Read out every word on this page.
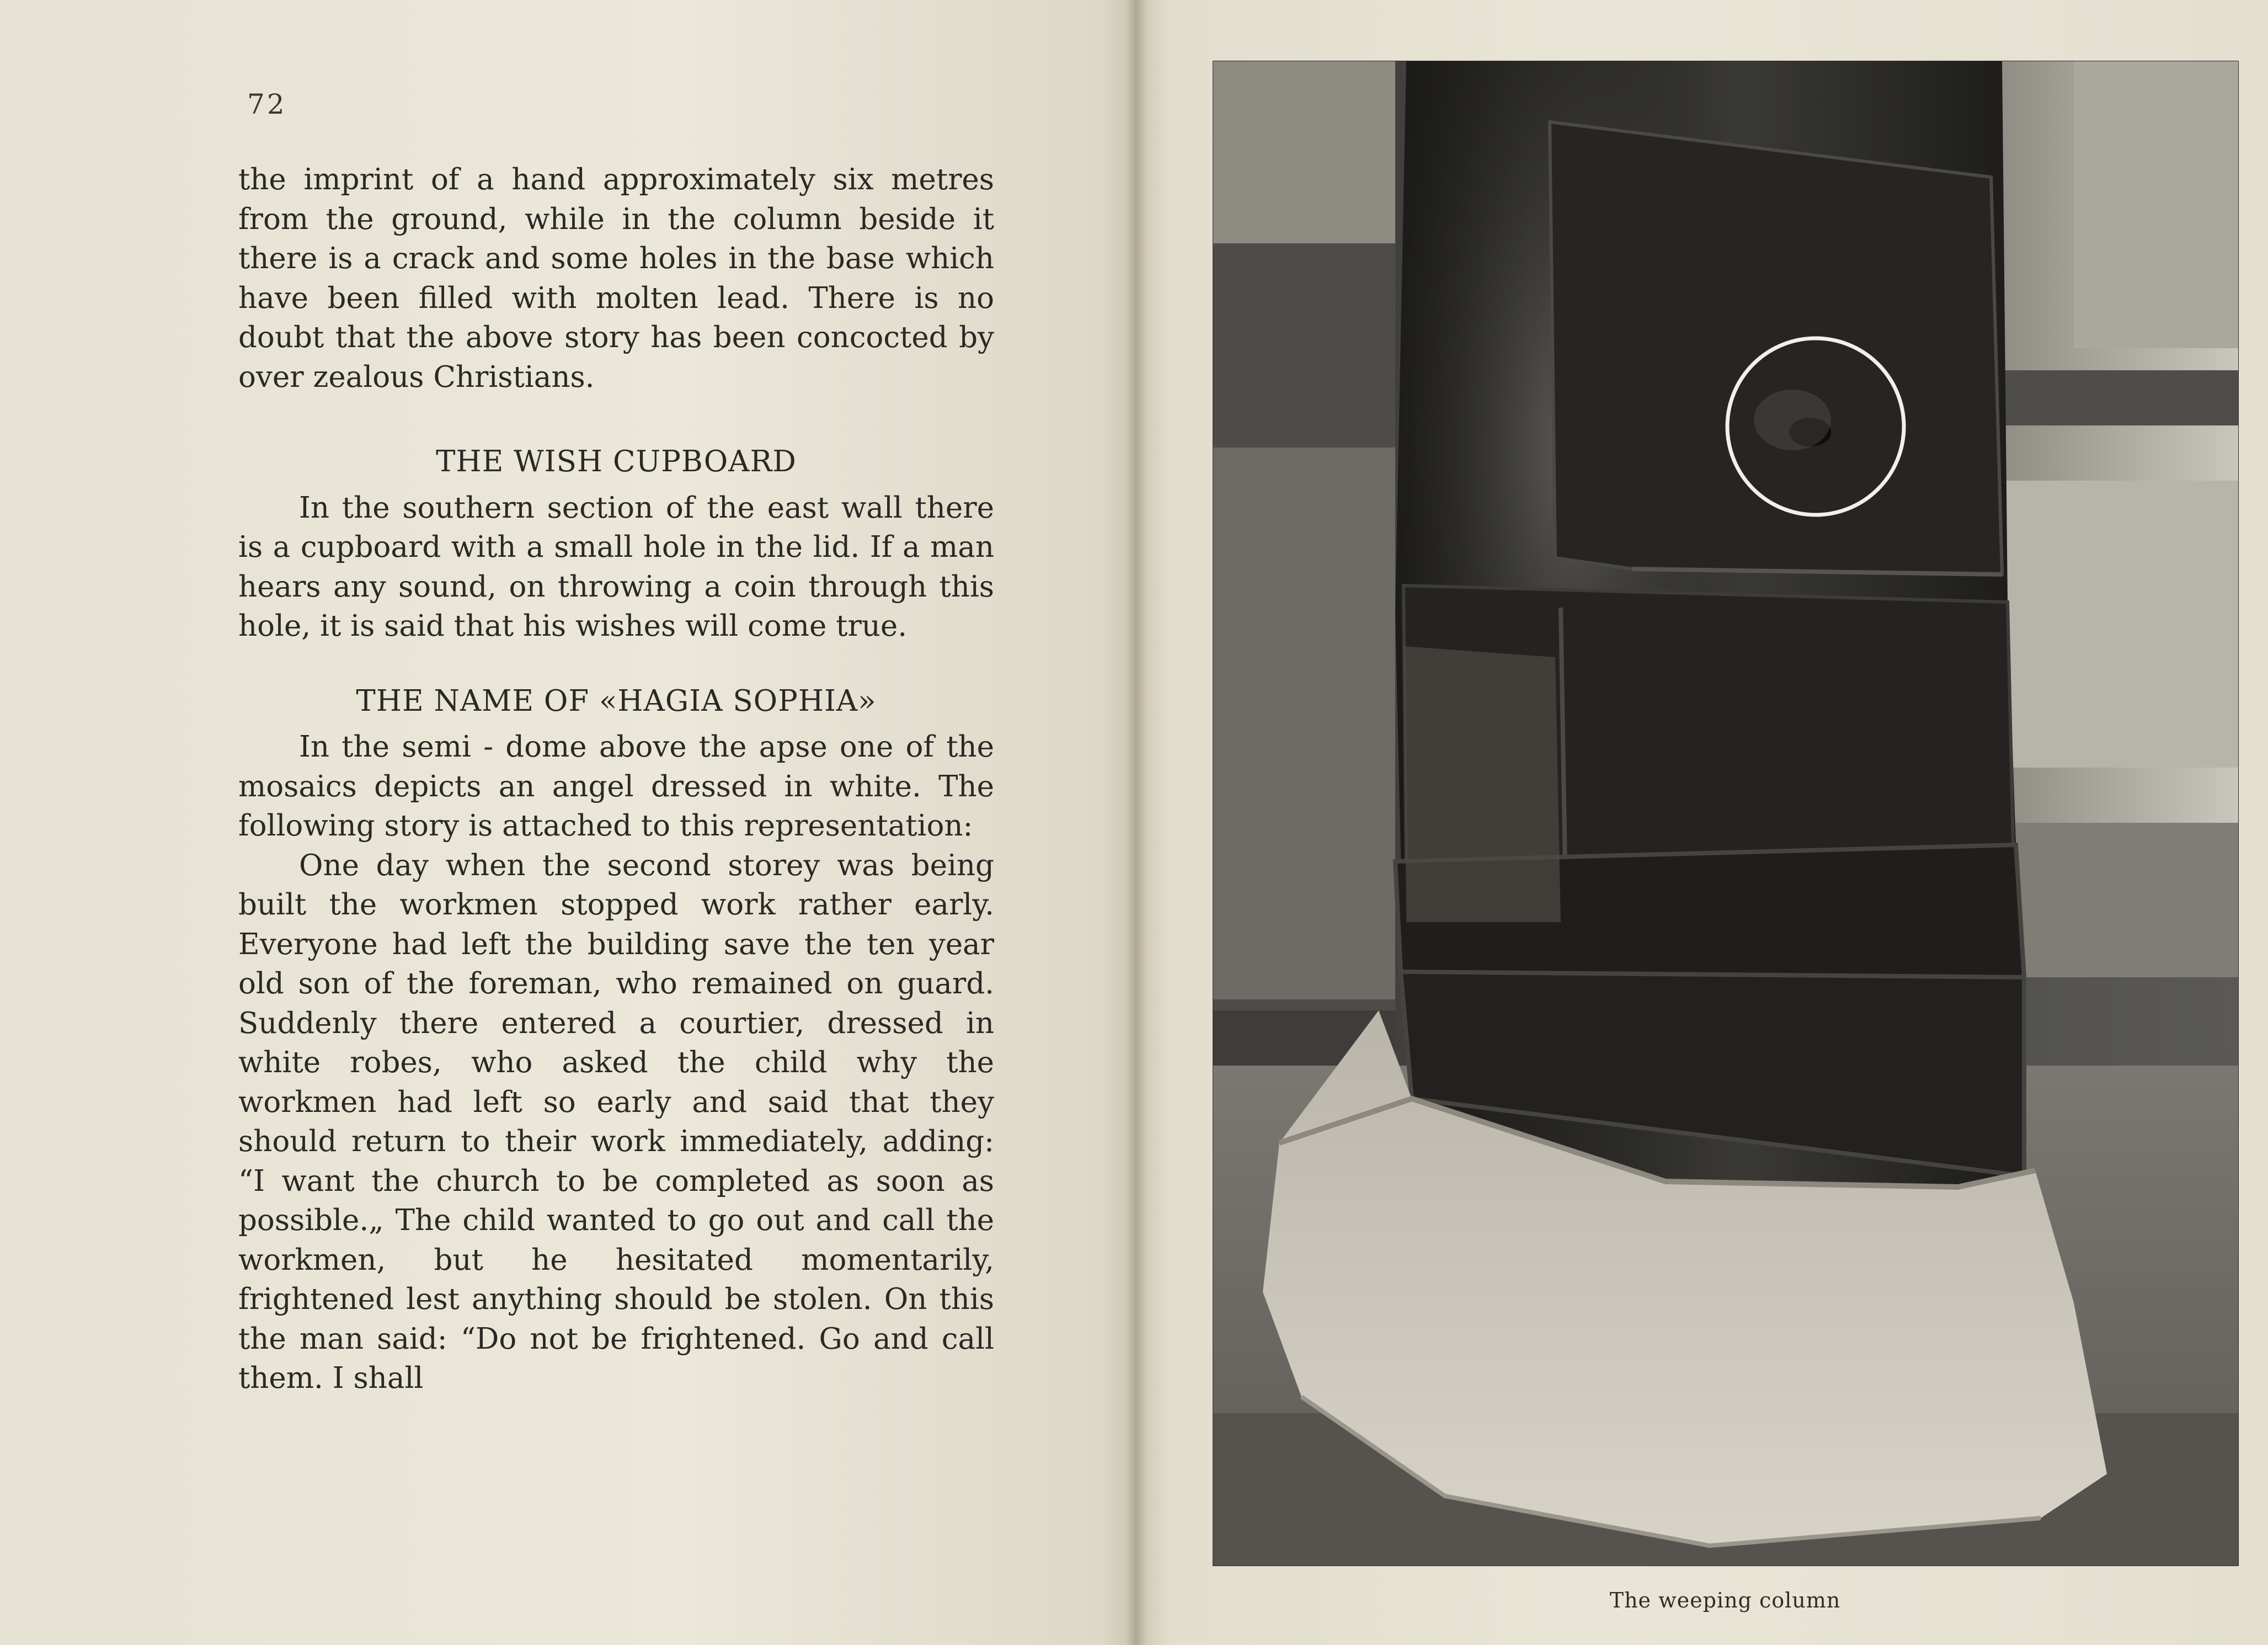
72

the imprint of a hand approximately six metres from the ground, while in the column beside it there is a crack and some holes in the base which have been filled with molten lead. There is no doubt that the above story has been concocted by over zealous Christians.

THE WISH CUPBOARD

In the southern section of the east wall there is a cupboard with a small hole in the lid. If a man hears any sound, on throwing a coin through this hole, it is said that his wishes will come true.

THE NAME OF «HAGIA SOPHIA»

In the semi - dome above the apse one of the mosaics depicts an angel dressed in white. The following story is attached to this representation:

One day when the second storey was being built the workmen stopped work rather early. Everyone had left the building save the ten year old son of the foreman, who remained on guard. Suddenly there entered a courtier, dressed in white robes, who asked the child why the workmen had left so early and said that they should return to their work immediately, adding: “I want the church to be completed as soon as possible.„ The child wanted to go out and call the workmen, but he hesitated momentarily, frightened lest anything should be stolen. On this the man said: “Do not be frightened. Go and call them. I shall

The weeping column
